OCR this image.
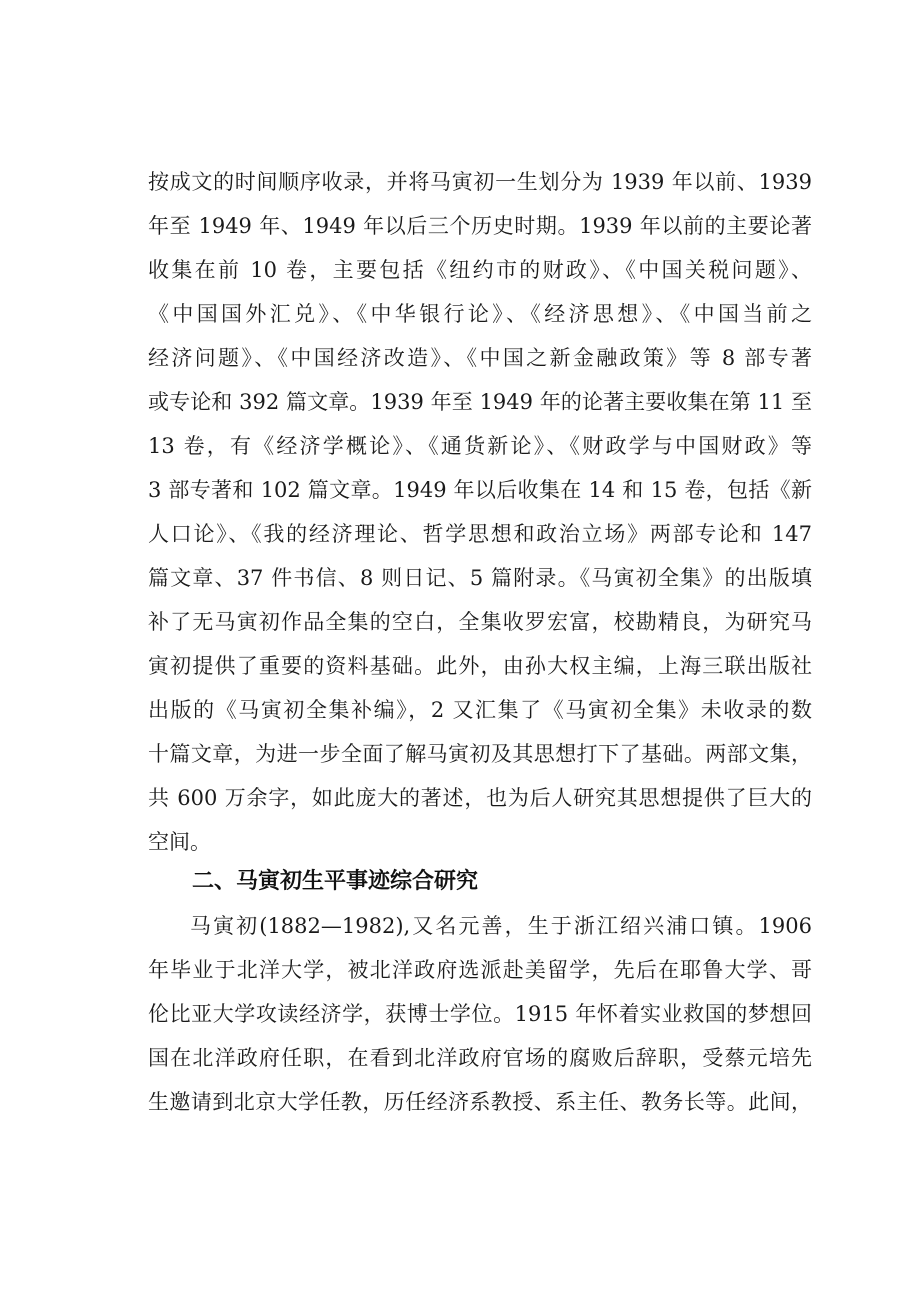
按成文的时间顺序收录，并将马寅初一生划分为 1939 年以前、1939
年至 1949 年、1949 年以后三个历史时期。1939 年以前的主要论著
收集在前 10 卷，主要包括《纽约市的财政》、《中国关税问题》、
《中国国外汇兑》、《中华银行论》、《经济思想》、《中国当前之
经济问题》、《中国经济改造》、《中国之新金融政策》等 8 部专著
或专论和 392 篇文章。1939 年至 1949 年的论著主要收集在第 11 至
13 卷，有《经济学概论》、《通货新论》、《财政学与中国财政》等
3 部专著和 102 篇文章。1949 年以后收集在 14 和 15 卷，包括《新
人口论》、《我的经济理论、哲学思想和政治立场》两部专论和 147
篇文章、37 件书信、8 则日记、5 篇附录。《马寅初全集》的出版填
补了无马寅初作品全集的空白，全集收罗宏富，校勘精良，为研究马
寅初提供了重要的资料基础。此外，由孙大权主编，上海三联出版社
出版的《马寅初全集补编》，2 又汇集了《马寅初全集》未收录的数
十篇文章，为进一步全面了解马寅初及其思想打下了基础。两部文集，
共 600 万余字，如此庞大的著述，也为后人研究其思想提供了巨大的
空间。
二、马寅初生平事迹综合研究
马寅初(1882—1982),又名元善，生于浙江绍兴浦口镇。1906
年毕业于北洋大学，被北洋政府选派赴美留学，先后在耶鲁大学、哥
伦比亚大学攻读经济学，获博士学位。1915 年怀着实业救国的梦想回
国在北洋政府任职，在看到北洋政府官场的腐败后辞职，受蔡元培先
生邀请到北京大学任教，历任经济系教授、系主任、教务长等。此间，
